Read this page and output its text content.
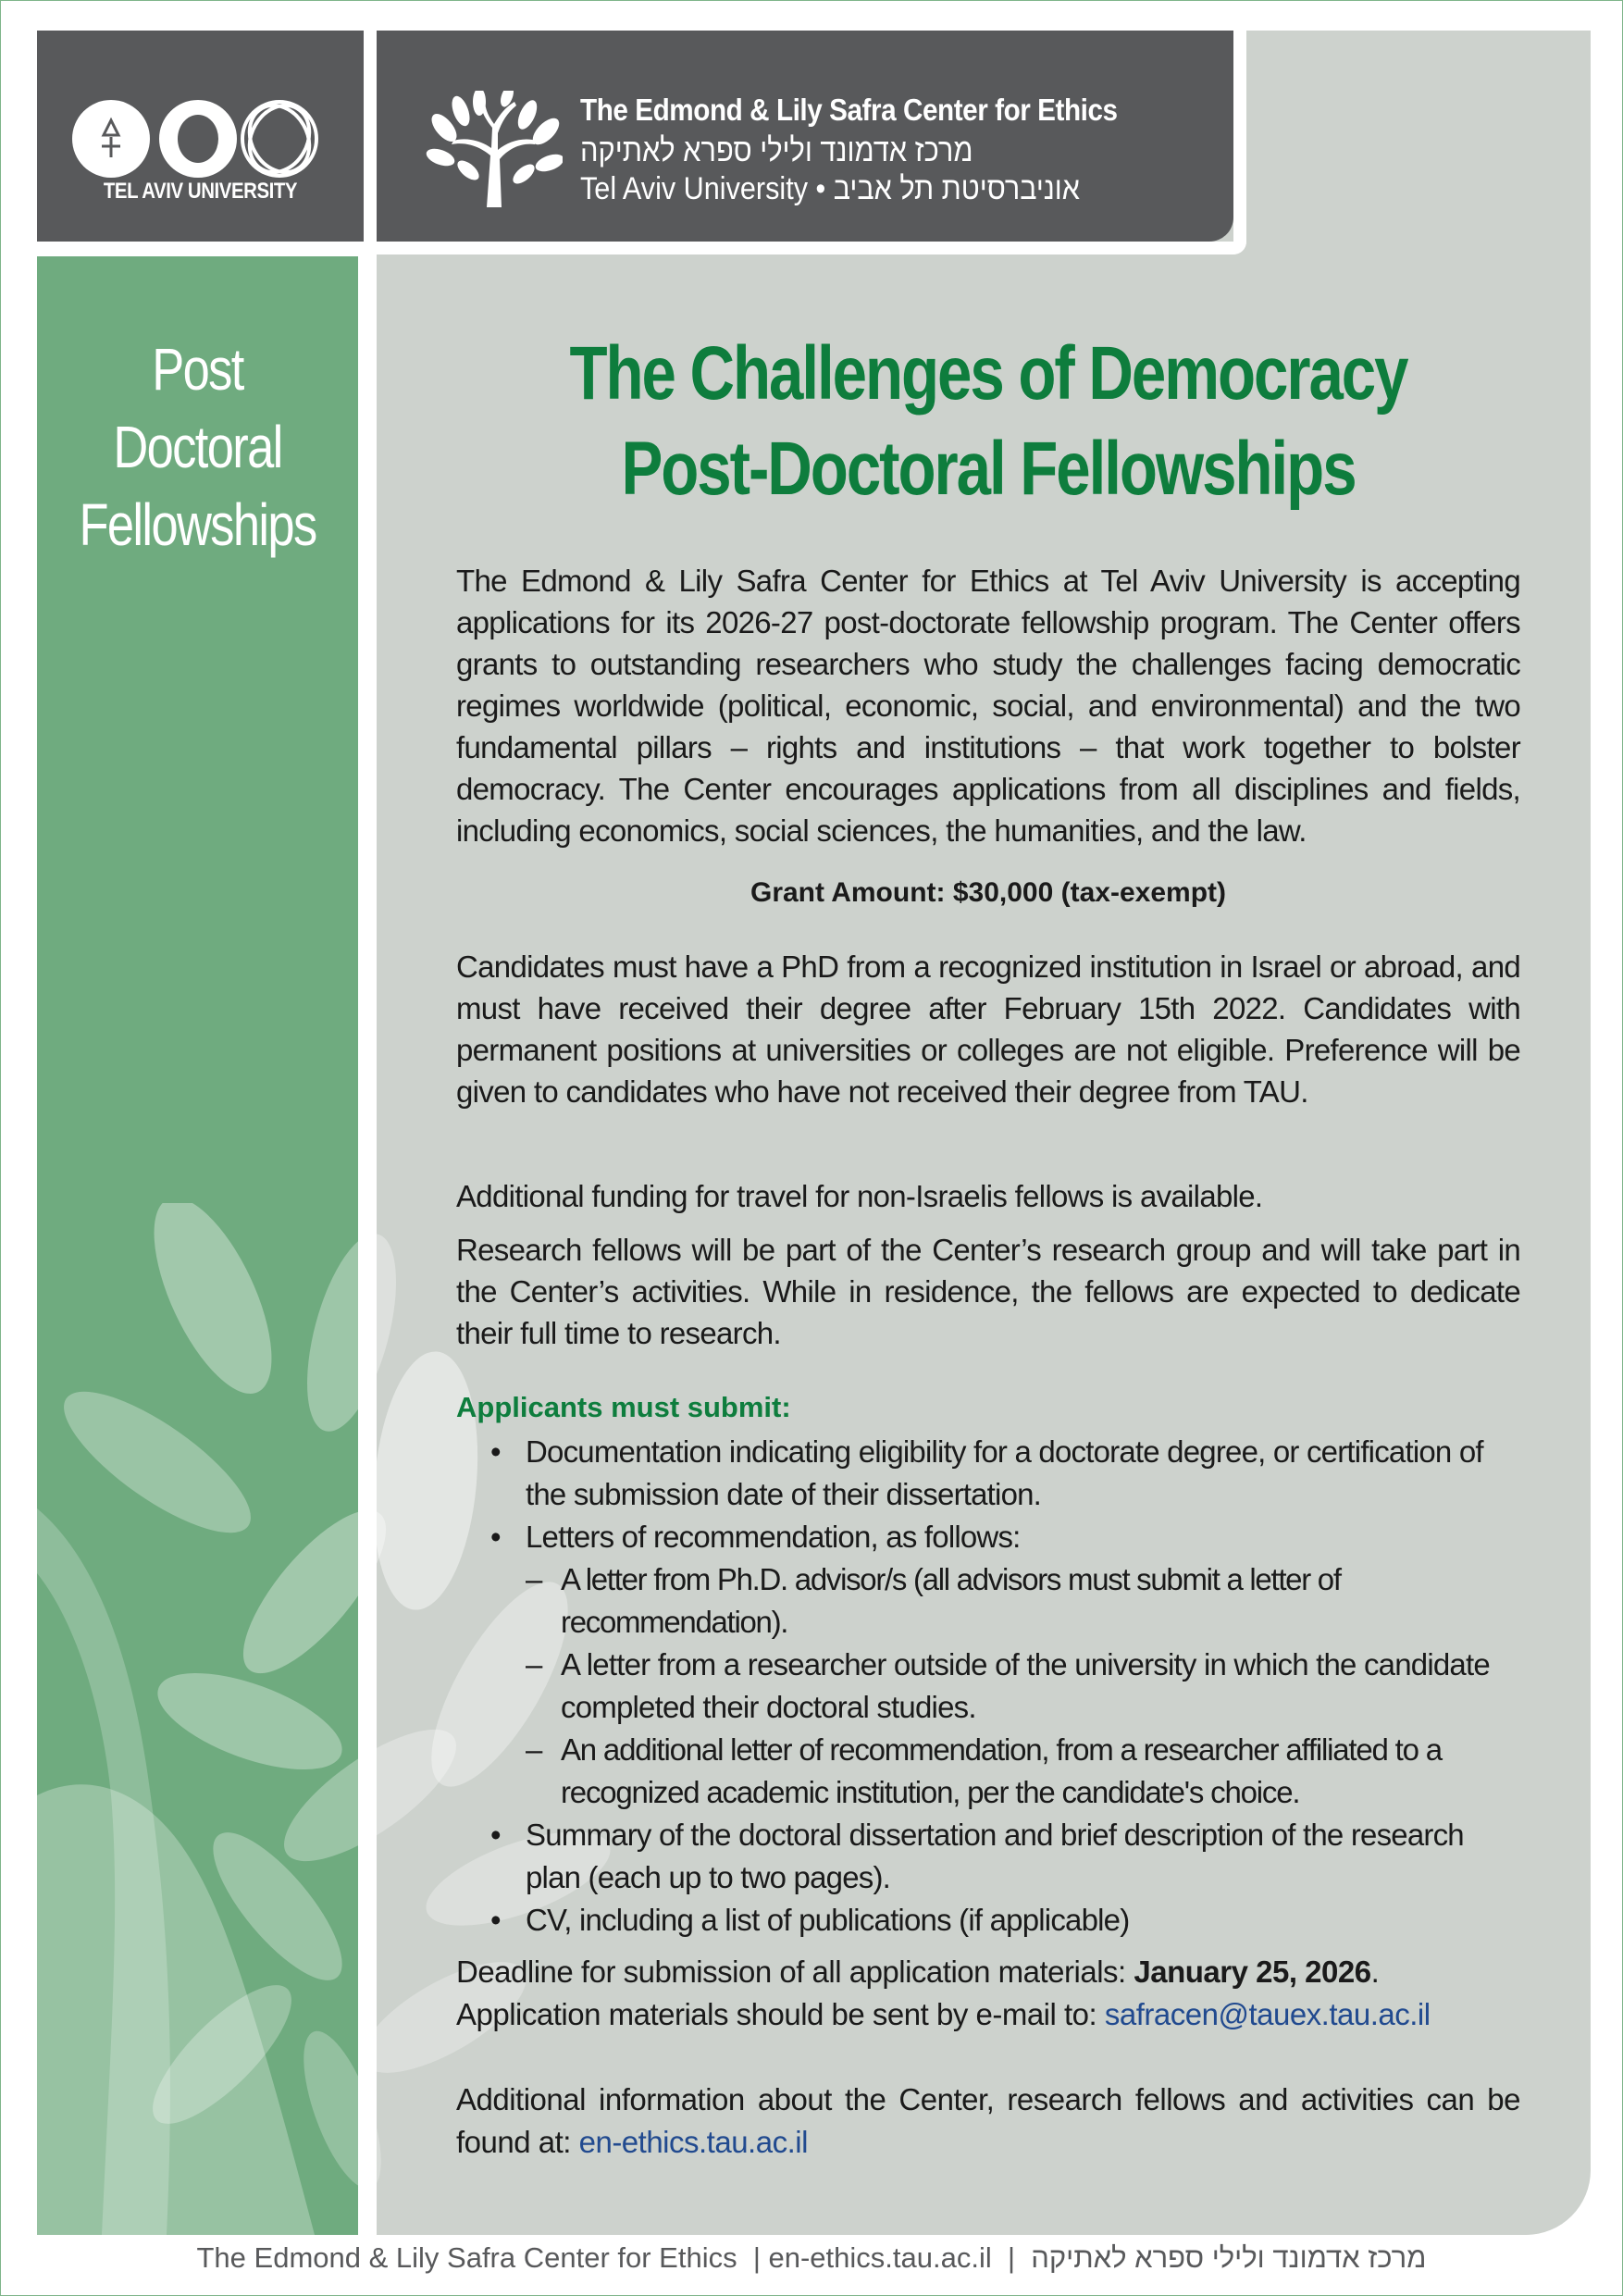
Post Doctoral
Fellowships
TEL AVIV UNIVERSITY
The Edmond & Lily Safra Center for Ethics
מרכז אדמונד ולילי ספרא לאתיקה
Tel Aviv University • אוניברסיטת תל אביב
The Challenges of Democracy
Post-Doctoral Fellowships
The Edmond & Lily Safra Center for Ethics at Tel Aviv University is accepting applications for its 2026-27 post-doctorate fellowship program. The Center offers grants to outstanding researchers who study the challenges facing democratic regimes worldwide (political, economic, social, and environmental) and the two fundamental pillars – rights and institutions – that work together to bolster democracy. The Center encourages applications from all disciplines and fields, including economics, social sciences, the humanities, and the law.
Grant Amount: $30,000 (tax-exempt)
Candidates must have a PhD from a recognized institution in Israel or abroad, and must have received their degree after February 15th 2022. Candidates with permanent positions at universities or colleges are not eligible. Preference will be given to candidates who have not received their degree from TAU.
Additional funding for travel for non-Israelis fellows is available.
Research fellows will be part of the Center’s research group and will take part in the Center’s activities. While in residence, the fellows are expected to dedicate their full time to research.
Applicants must submit:
• Documentation indicating eligibility for a doctorate degree, or certification of the submission date of their dissertation.
• Letters of recommendation, as follows:
– A letter from Ph.D. advisor/s (all advisors must submit a letter of recommendation).
– A letter from a researcher outside of the university in which the candidate completed their doctoral studies.
– An additional letter of recommendation, from a researcher affiliated to a recognized academic institution, per the candidate's choice.
• Summary of the doctoral dissertation and brief description of the research plan (each up to two pages).
• CV, including a list of publications (if applicable)
Deadline for submission of all application materials: January 25, 2026.
Application materials should be sent by e-mail to: safracen@tauex.tau.ac.il
Additional information about the Center, research fellows and activities can be found at: en-ethics.tau.ac.il
The Edmond & Lily Safra Center for Ethics  | en-ethics.tau.ac.il  |  מרכז אדמונד ולילי ספרא לאתיקה
